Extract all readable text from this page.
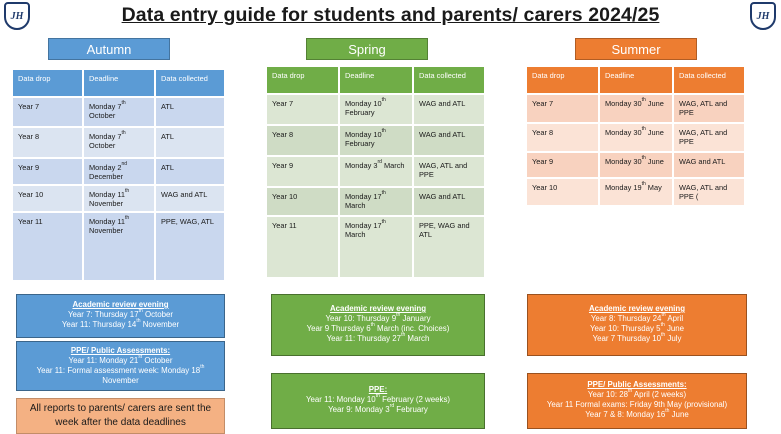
JH	JH
Data entry guide for students and parents/ carers 2024/25
Autumn	Spring	Summer
Data drop	Deadline	Data collected
Year 7	Monday 7th October	ATL
Year 8	Monday 7th October	ATL
Year 9	Monday 2nd December	ATL
Year 10	Monday 11th November	WAG and ATL
Year 11	Monday 11th November	PPE, WAG, ATL
Data drop	Deadline	Data collected
Year 7	Monday 10th February	WAG and ATL
Year 8	Monday 10th February	WAG and ATL
Year 9	Monday 3rd March	WAG, ATL and PPE
Year 10	Monday 17th March	WAG and ATL
Year 11	Monday 17th March	PPE, WAG and ATL
Data drop	Deadline	Data collected
Year 7	Monday 30th June	WAG, ATL and PPE
Year 8	Monday 30th June	WAG, ATL and PPE
Year 9	Monday 30th June	WAG and ATL
Year 10	Monday 19th May	WAG, ATL and PPE (
Academic review evening
Year 7: Thursday 17th October
Year 11: Thursday 14th November
PPE/ Public Assessments:
Year 11: Monday 21st October
Year 11: Formal assessment week: Monday 18th November
All reports to parents/ carers are sent the week after the data deadlines
Academic review evening
Year 10: Thursday 9th January
Year 9 Thursday 6th March (inc. Choices)
Year 11: Thursday 27th March
PPE:
Year 11: Monday 10th February (2 weeks)
Year 9: Monday 3rd February
Academic review evening
Year 8: Thursday 24th April
Year 10: Thursday 5th June
Year 7 Thursday 10th July
PPE/ Public Assessments:
Year 10: 28th April (2 weeks)
Year 11 Formal exams: Friday 9th May (provisional)
Year 7 & 8: Monday 16th June
